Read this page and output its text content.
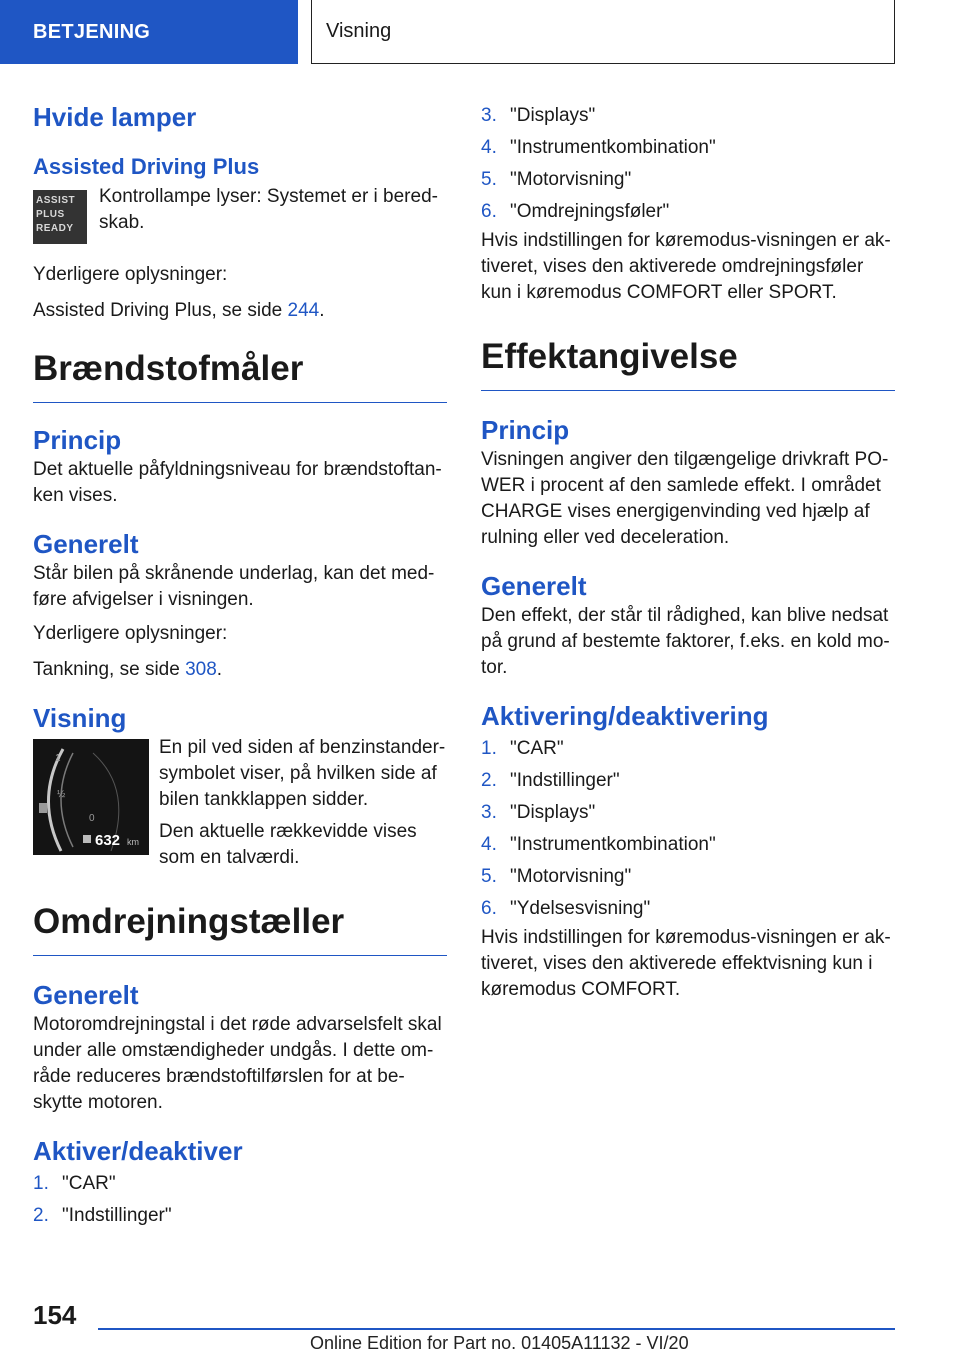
BETJENING	Visning
Hvide lamper
Assisted Driving Plus
ASSIST
PLUS
READY

Kontrollampe lyser: Systemet er i bered-skab.

Yderligere oplysninger:

Assisted Driving Plus, se side 244.

Brændstofmåler
Princip

Det aktuelle påfyldningsniveau for brændstoftan-ken vises.

Generelt

Står bilen på skrånende underlag, kan det med-føre afvigelser i visningen.

Yderligere oplysninger:

Tankning, se side 308.

Visning
1
½
0
632 km

En pil ved siden af benzinstander-symbolet viser, på hvilken side af bilen tankklappen sidder.

Den aktuelle rækkevidde vises som en talværdi.

Omdrejningstæller
Generelt

Motoromdrejningstal i det røde advarselsfelt skal under alle omstændigheder undgås. I dette om-råde reduceres brændstoftilførslen for at be-skytte motoren.

Aktiver/deaktiver
1. "CAR"
2. "Indstillinger"
3. "Displays"
4. "Instrumentkombination"
5. "Motorvisning"
6. "Omdrejningsføler"

Hvis indstillingen for køremodus-visningen er ak-tiveret, vises den aktiverede omdrejningsføler kun i køremodus COMFORT eller SPORT.

Effektangivelse
Princip

Visningen angiver den tilgængelige drivkraft PO-WER i procent af den samlede effekt. I området CHARGE vises energigenvinding ved hjælp af rulning eller ved deceleration.

Generelt

Den effekt, der står til rådighed, kan blive nedsat på grund af bestemte faktorer, f.eks. en kold mo-tor.

Aktivering/deaktivering
1. "CAR"
2. "Indstillinger"
3. "Displays"
4. "Instrumentkombination"
5. "Motorvisning"
6. "Ydelsesvisning"

Hvis indstillingen for køremodus-visningen er ak-tiveret, vises den aktiverede effektvisning kun i køremodus COMFORT.

154
Online Edition for Part no. 01405A11132 - VI/20
